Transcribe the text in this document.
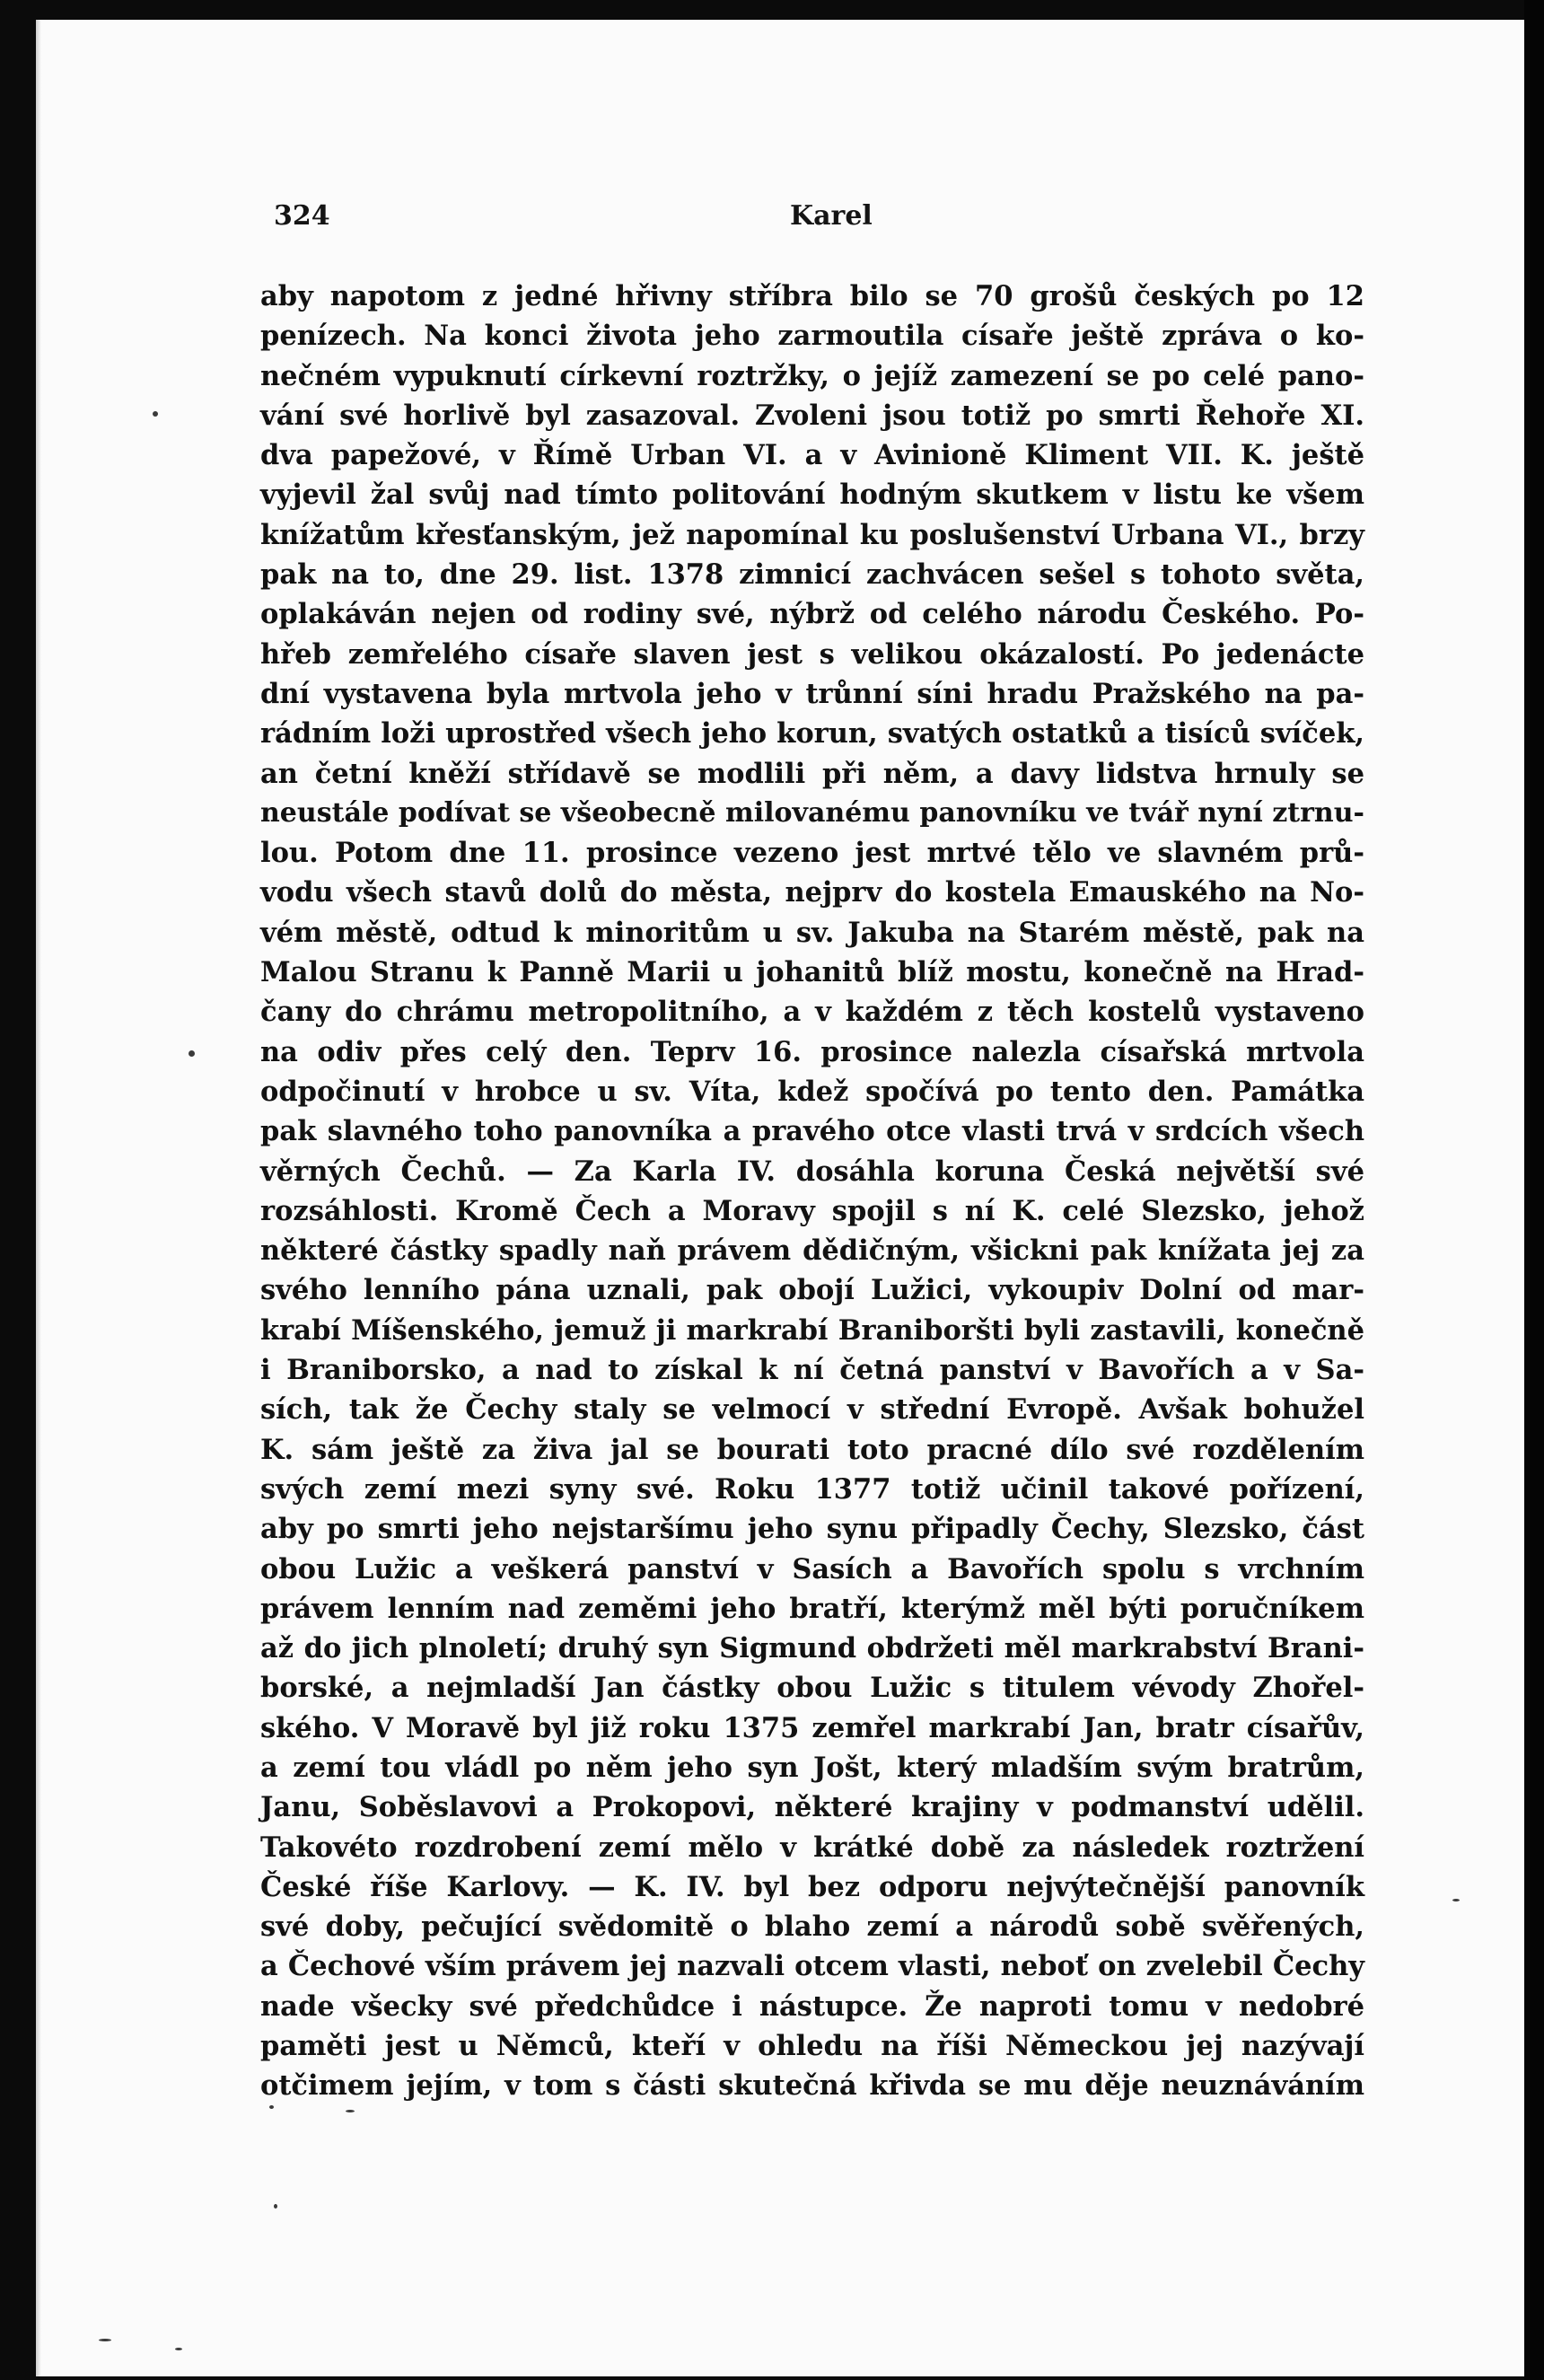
324	Karel
aby napotom z jedné hřivny stříbra bilo se 70 grošů českých po 12
penízech. Na konci života jeho zarmoutila císaře ještě zpráva o ko-
nečném vypuknutí církevní roztržky, o jejíž zamezení se po celé pano-
vání své horlivě byl zasazoval. Zvoleni jsou totiž po smrti Řehoře XI.
dva papežové, v Římě Urban VI. a v Avinioně Kliment VII. K. ještě
vyjevil žal svůj nad tímto politování hodným skutkem v listu ke všem
knížatům křesťanským, jež napomínal ku poslušenství Urbana VI., brzy
pak na to, dne 29. list. 1378 zimnicí zachvácen sešel s tohoto světa,
oplakáván nejen od rodiny své, nýbrž od celého národu Českého. Po-
hřeb zemřelého císaře slaven jest s velikou okázalostí. Po jedenácte
dní vystavena byla mrtvola jeho v trůnní síni hradu Pražského na pa-
rádním loži uprostřed všech jeho korun, svatých ostatků a tisíců svíček,
an četní kněží střídavě se modlili při něm, a davy lidstva hrnuly se
neustále podívat se všeobecně milovanému panovníku ve tvář nyní ztrnu-
lou. Potom dne 11. prosince vezeno jest mrtvé tělo ve slavném prů-
vodu všech stavů dolů do města, nejprv do kostela Emauského na No-
vém městě, odtud k minoritům u sv. Jakuba na Starém městě, pak na
Malou Stranu k Panně Marii u johanitů blíž mostu, konečně na Hrad-
čany do chrámu metropolitního, a v každém z těch kostelů vystaveno
na odiv přes celý den. Teprv 16. prosince nalezla císařská mrtvola
odpočinutí v hrobce u sv. Víta, kdež spočívá po tento den. Památka
pak slavného toho panovníka a pravého otce vlasti trvá v srdcích všech
věrných Čechů. — Za Karla IV. dosáhla koruna Česká největší své
rozsáhlosti. Kromě Čech a Moravy spojil s ní K. celé Slezsko, jehož
některé částky spadly naň právem dědičným, všickni pak knížata jej za
svého lenního pána uznali, pak obojí Lužici, vykoupiv Dolní od mar-
krabí Míšenského, jemuž ji markrabí Braniboršti byli zastavili, konečně
i Braniborsko, a nad to získal k ní četná panství v Bavořích a v Sa-
sích, tak že Čechy staly se velmocí v střední Evropě. Avšak bohužel
K. sám ještě za živa jal se bourati toto pracné dílo své rozdělením
svých zemí mezi syny své. Roku 1377 totiž učinil takové pořízení,
aby po smrti jeho nejstaršímu jeho synu připadly Čechy, Slezsko, část
obou Lužic a veškerá panství v Sasích a Bavořích spolu s vrchním
právem lenním nad zeměmi jeho bratří, kterýmž měl býti poručníkem
až do jich plnoletí; druhý syn Sigmund obdržeti měl markrabství Brani-
borské, a nejmladší Jan částky obou Lužic s titulem vévody Zhořel-
ského. V Moravě byl již roku 1375 zemřel markrabí Jan, bratr císařův,
a zemí tou vládl po něm jeho syn Jošt, který mladším svým bratrům,
Janu, Soběslavovi a Prokopovi, některé krajiny v podmanství udělil.
Takovéto rozdrobení zemí mělo v krátké době za následek roztržení
České říše Karlovy. — K. IV. byl bez odporu nejvýtečnější panovník
své doby, pečující svědomitě o blaho zemí a národů sobě svěřených,
a Čechové vším právem jej nazvali otcem vlasti, neboť on zvelebil Čechy
nade všecky své předchůdce i nástupce. Že naproti tomu v nedobré
paměti jest u Němců, kteří v ohledu na říši Německou jej nazývají
otčimem jejím, v tom s části skutečná křivda se mu děje neuznáváním
